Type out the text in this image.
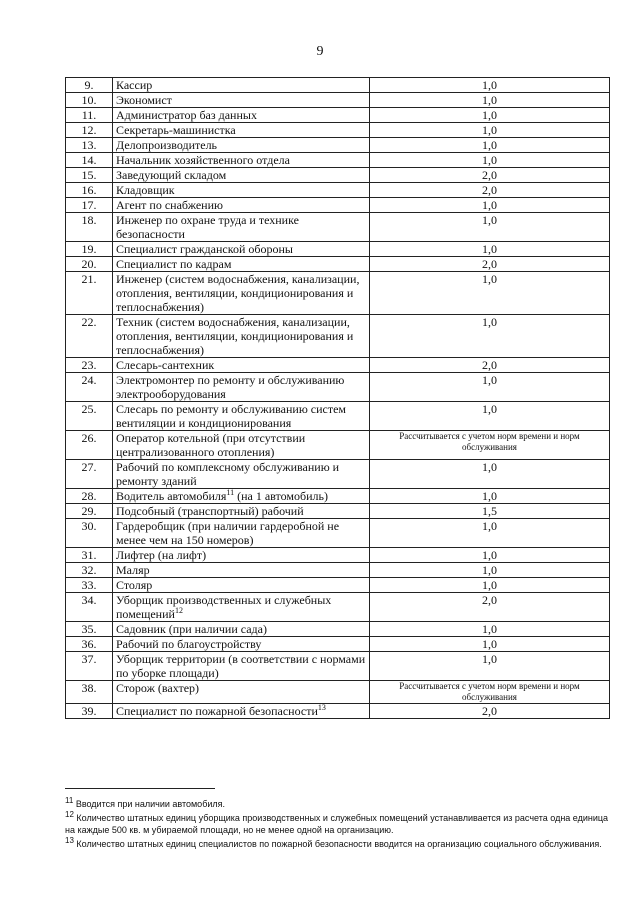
9
9.	Кассир	1,0
10.	Экономист	1,0
11.	Администратор баз данных	1,0
12.	Секретарь-машинистка	1,0
13.	Делопроизводитель	1,0
14.	Начальник хозяйственного отдела	1,0
15.	Заведующий складом	2,0
16.	Кладовщик	2,0
17.	Агент по снабжению	1,0
18.	Инженер по охране труда и технике безопасности	1,0
19.	Специалист гражданской обороны	1,0
20.	Специалист по кадрам	2,0
21.	Инженер (систем водоснабжения, канализации, отопления, вентиляции, кондиционирования и теплоснабжения)	1,0
22.	Техник (систем водоснабжения, канализации, отопления, вентиляции, кондиционирования и теплоснабжения)	1,0
23.	Слесарь-сантехник	2,0
24.	Электромонтер по ремонту и обслуживанию электрооборудования	1,0
25.	Слесарь по ремонту и обслуживанию систем вентиляции и кондиционирования	1,0
26.	Оператор котельной (при отсутствии централизованного отопления)	Рассчитывается с учетом норм времени и норм обслуживания
27.	Рабочий по комплексному обслуживанию и ремонту зданий	1,0
28.	Водитель автомобиля$^{11}$ (на 1 автомобиль)	1,0
29.	Подсобный (транспортный) рабочий	1,5
30.	Гардеробщик (при наличии гардеробной не менее чем на 150 номеров)	1,0
31.	Лифтер (на лифт)	1,0
32.	Маляр	1,0
33.	Столяр	1,0
34.	Уборщик производственных и служебных помещений$^{12}$	2,0
35.	Садовник (при наличии сада)	1,0
36.	Рабочий по благоустройству	1,0
37.	Уборщик территории (в соответствии с нормами по уборке площади)	1,0
38.	Сторож (вахтер)	Рассчитывается с учетом норм времени и норм обслуживания
39.	Специалист по пожарной безопасности$^{13}$	2,0

$^{11}$ Вводится при наличии автомобиля.

$^{12}$ Количество штатных единиц уборщика производственных и служебных помещений устанавливается из расчета одна единица на каждые 500 кв. м убираемой площади, но не менее одной на организацию.

$^{13}$ Количество штатных единиц специалистов по пожарной безопасности вводится на организацию социального обслуживания.
